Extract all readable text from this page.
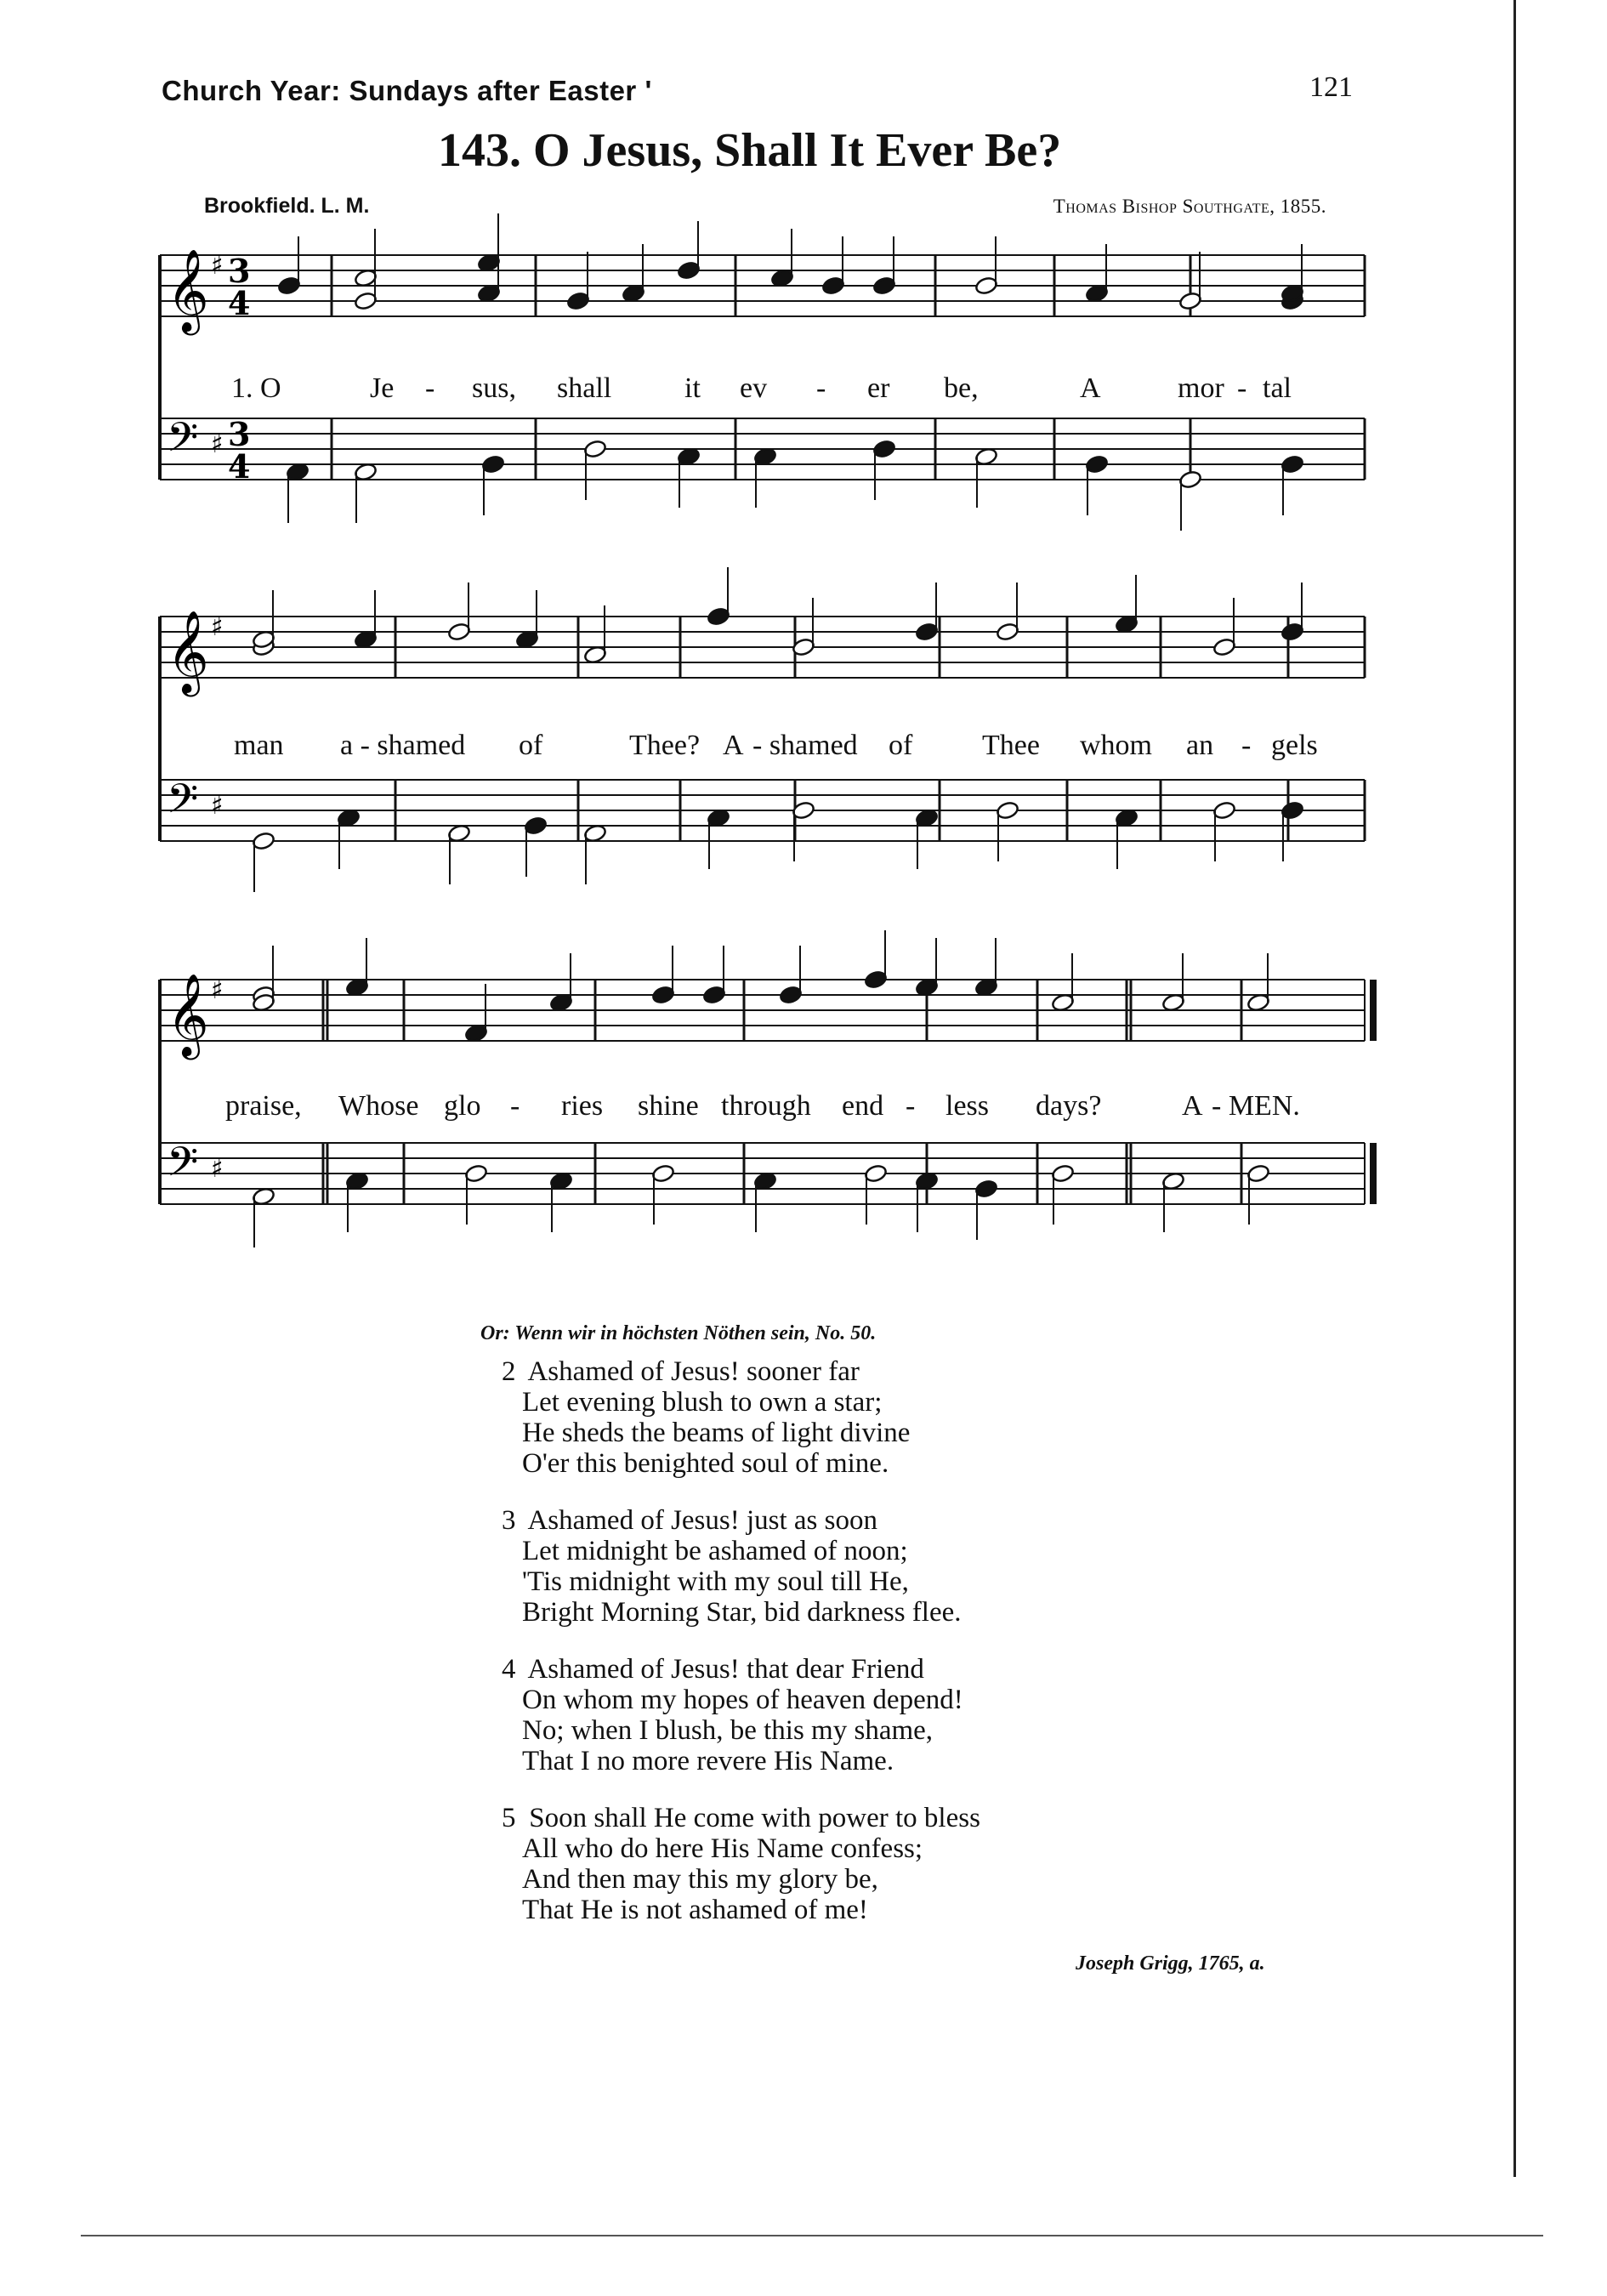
Church Year: Sundays after Easter '	121
143. O Jesus, Shall It Ever Be?
Brookfield. L. M.	Thomas Bishop Southgate, 1855.
𝄞 ♯ 3
4
𝄢 ♯ 3
4
𝄞 ♯
𝄢 ♯
𝄞 ♯
𝄢 ♯
1. O	Je - sus, shall	it ev - er be,	A	mor - tal
man a - shamed of	Thee? A - shamed of Thee whom an - gels
praise, Whose glo - ries shine through end - less days?	A - MEN.
Or: Wenn wir in höchsten Nöthen sein, No. 50.
2 Ashamed of Jesus! sooner far
Let evening blush to own a star;
He sheds the beams of light divine
O'er this benighted soul of mine.
3 Ashamed of Jesus! just as soon
Let midnight be ashamed of noon;
'Tis midnight with my soul till He,
Bright Morning Star, bid darkness flee.
4 Ashamed of Jesus! that dear Friend
On whom my hopes of heaven depend!
No; when I blush, be this my shame,
That I no more revere His Name.
5 Soon shall He come with power to bless
All who do here His Name confess;
And then may this my glory be,
That He is not ashamed of me!
Joseph Grigg, 1765, a.
